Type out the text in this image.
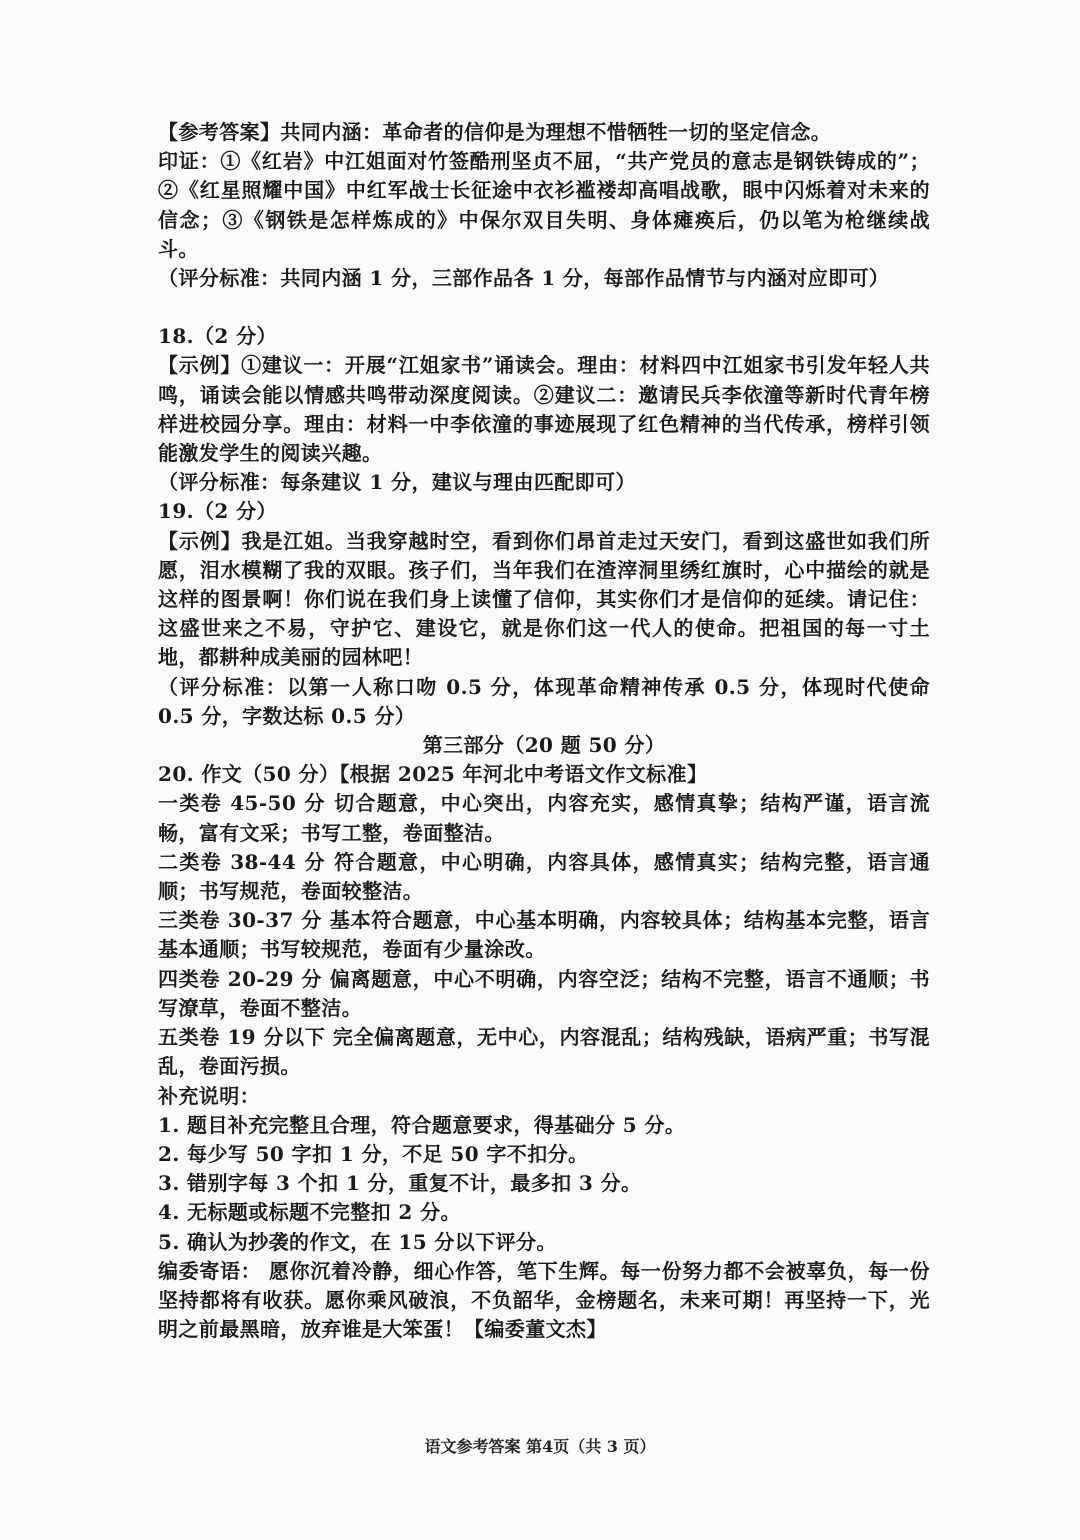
【参考答案】共同内涵：革命者的信仰是为理想不惜牺牲一切的坚定信念。

印证：①《红岩》中江姐面对竹签酷刑坚贞不屈，“共产党员的意志是钢铁铸成的”；②《红星照耀中国》中红军战士长征途中衣衫褴褛却高唱战歌，眼中闪烁着对未来的信念；③《钢铁是怎样炼成的》中保尔双目失明、身体瘫痪后，仍以笔为枪继续战斗。

（评分标准：共同内涵 1 分，三部作品各 1 分，每部作品情节与内涵对应即可）

18.（2 分）

【示例】①建议一：开展“江姐家书”诵读会。理由：材料四中江姐家书引发年轻人共鸣，诵读会能以情感共鸣带动深度阅读。②建议二：邀请民兵李依潼等新时代青年榜样进校园分享。理由：材料一中李依潼的事迹展现了红色精神的当代传承，榜样引领能激发学生的阅读兴趣。

（评分标准：每条建议 1 分，建议与理由匹配即可）

19.（2 分）

【示例】我是江姐。当我穿越时空，看到你们昂首走过天安门，看到这盛世如我们所愿，泪水模糊了我的双眼。孩子们，当年我们在渣滓洞里绣红旗时，心中描绘的就是这样的图景啊！你们说在我们身上读懂了信仰，其实你们才是信仰的延续。请记住：这盛世来之不易，守护它、建设它，就是你们这一代人的使命。把祖国的每一寸土地，都耕种成美丽的园林吧！

（评分标准：以第一人称口吻 0.5 分，体现革命精神传承 0.5 分，体现时代使命 0.5 分，字数达标 0.5 分）

第三部分（20 题 50 分）

20. 作文（50 分）【根据 2025 年河北中考语文作文标准】

一类卷 45-50 分 切合题意，中心突出，内容充实，感情真挚；结构严谨，语言流畅，富有文采；书写工整，卷面整洁。

二类卷 38-44 分 符合题意，中心明确，内容具体，感情真实；结构完整，语言通顺；书写规范，卷面较整洁。

三类卷 30-37 分 基本符合题意，中心基本明确，内容较具体；结构基本完整，语言基本通顺；书写较规范，卷面有少量涂改。

四类卷 20-29 分 偏离题意，中心不明确，内容空泛；结构不完整，语言不通顺；书写潦草，卷面不整洁。

五类卷 19 分以下 完全偏离题意，无中心，内容混乱；结构残缺，语病严重；书写混乱，卷面污损。

补充说明：

1. 题目补充完整且合理，符合题意要求，得基础分 5 分。

2. 每少写 50 字扣 1 分，不足 50 字不扣分。

3. 错别字每 3 个扣 1 分，重复不计，最多扣 3 分。

4. 无标题或标题不完整扣 2 分。

5. 确认为抄袭的作文，在 15 分以下评分。

编委寄语： 愿你沉着冷静，细心作答，笔下生辉。每一份努力都不会被辜负，每一份坚持都将有收获。愿你乘风破浪，不负韶华，金榜题名，未来可期！再坚持一下，光明之前最黑暗，放弃谁是大笨蛋！【编委董文杰】

语文参考答案 第4页（共 3 页）
